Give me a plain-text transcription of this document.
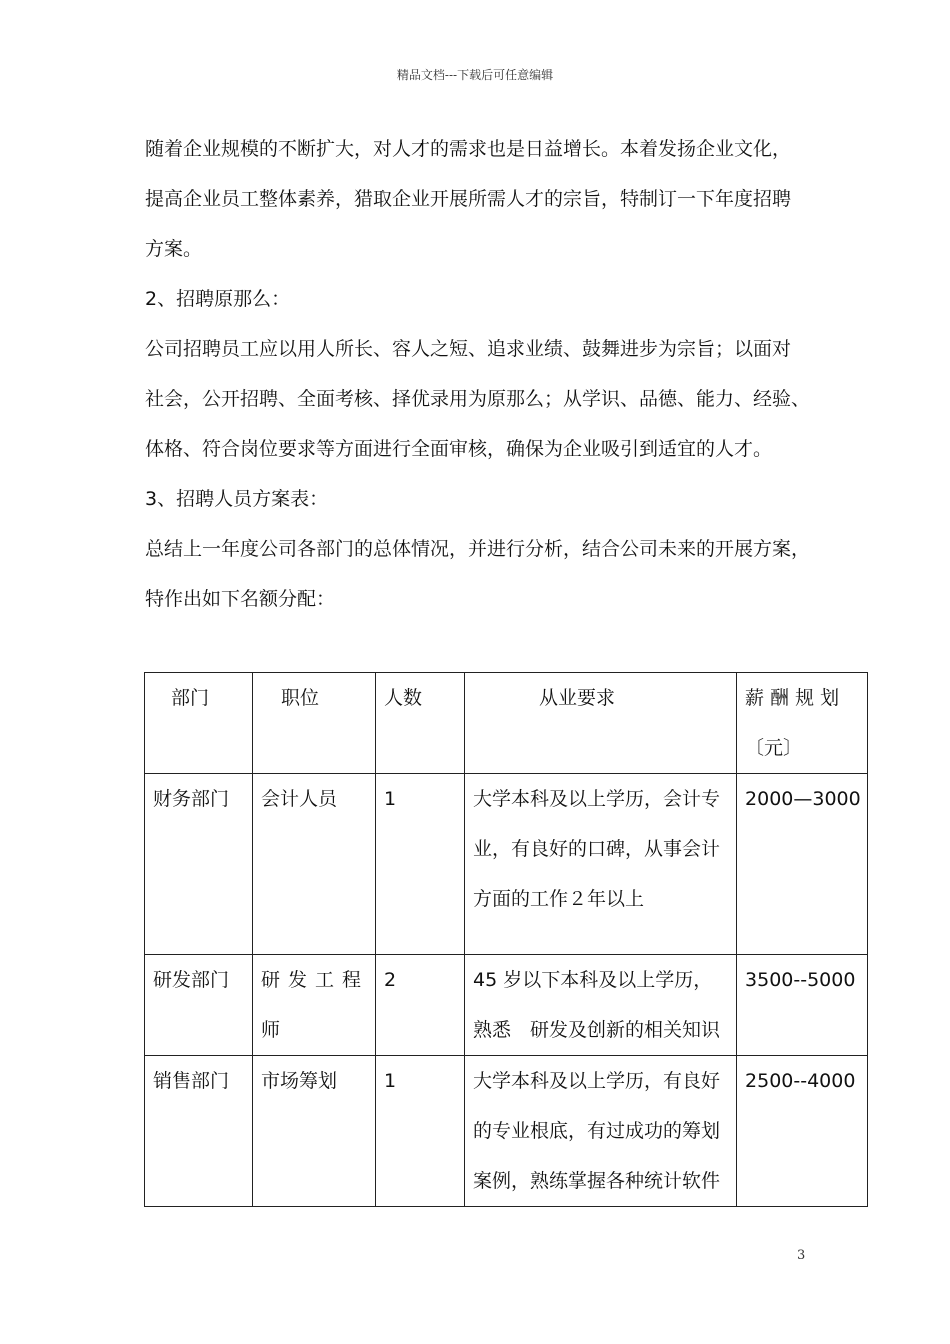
精品文档---下载后可任意编辑
随着企业规模的不断扩大，对人才的需求也是日益增长。本着发扬企业文化，
提高企业员工整体素养，猎取企业开展所需人才的宗旨，特制订一下年度招聘
方案。
2、招聘原那么：
公司招聘员工应以用人所长、容人之短、追求业绩、鼓舞进步为宗旨；以面对
社会，公开招聘、全面考核、择优录用为原那么；从学识、品德、能力、经验、
体格、符合岗位要求等方面进行全面审核，确保为企业吸引到适宜的人才。
3、招聘人员方案表：
总结上一年度公司各部门的总体情况，并进行分析，结合公司未来的开展方案，
特作出如下名额分配：
部门	职位	人数	从业要求	薪 酬 规 划
〔元〕

财务部门	会计人员	1	大学本科及以上学历，会计专
业，有良好的口碑，从事会计
方面的工作２年以上	2000—3000

研发部门	研发工程
师	2	45 岁以下本科及以上学历，
熟悉　研发及创新的相关知识	3500--5000

销售部门	市场筹划	1	大学本科及以上学历，有良好
的专业根底，有过成功的筹划
案例，熟练掌握各种统计软件	2500--4000
3
